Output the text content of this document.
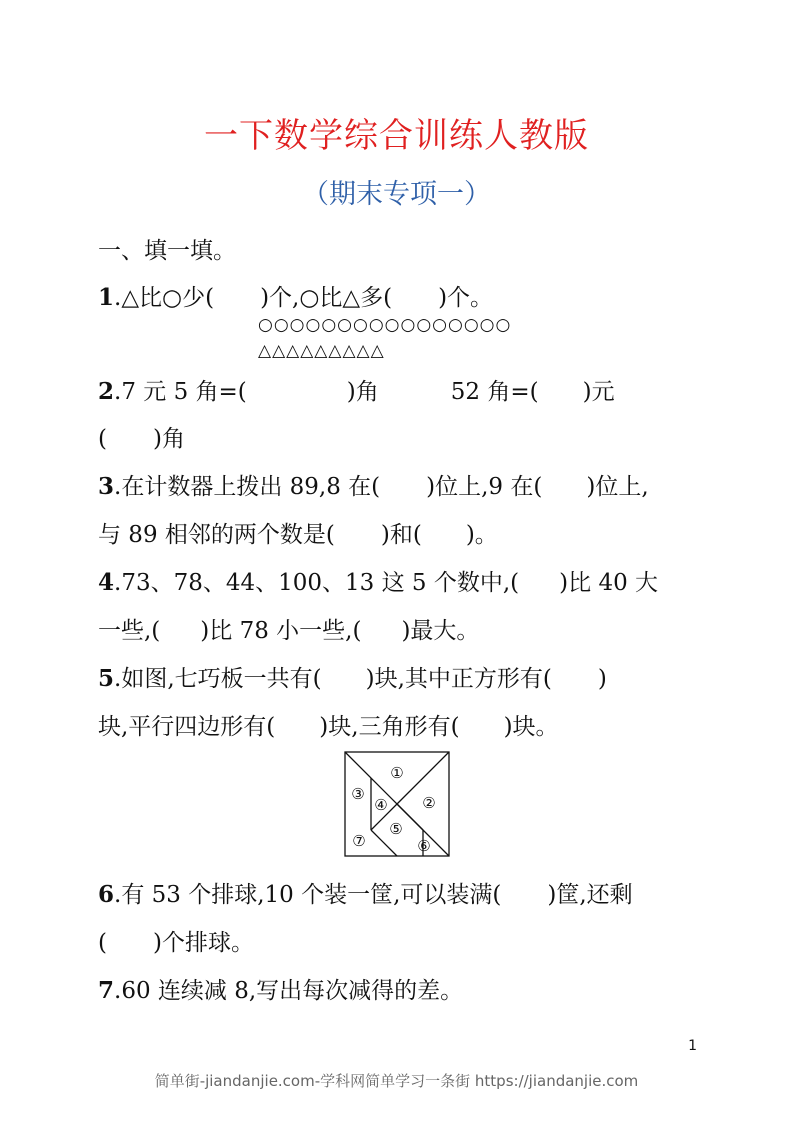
一下数学综合训练人教版
（期末专项一）
一、填一填。
1.△比○少( )个,○比△多( )个。
○○○○○○○○○○○○○○○○
△△△△△△△△△
2.7 元 5 角=(	)角	52 角=( )元
( )角
3.在计数器上拨出 89,8 在( )位上,9 在( )位上,
与 89 相邻的两个数是( )和( )。
4.73、78、44、100、13 这 5 个数中,( )比 40 大
一些,( )比 78 小一些,( )最大。
5.如图,七巧板一共有( )块,其中正方形有( )
块,平行四边形有( )块,三角形有( )块。
①
②
③
④
⑤
⑥
⑦
6.有 53 个排球,10 个装一筐,可以装满( )筐,还剩
( )个排球。
7.60 连续减 8,写出每次减得的差。
1
简单街-jiandanjie.com-学科网简单学习一条街 https://jiandanjie.com
